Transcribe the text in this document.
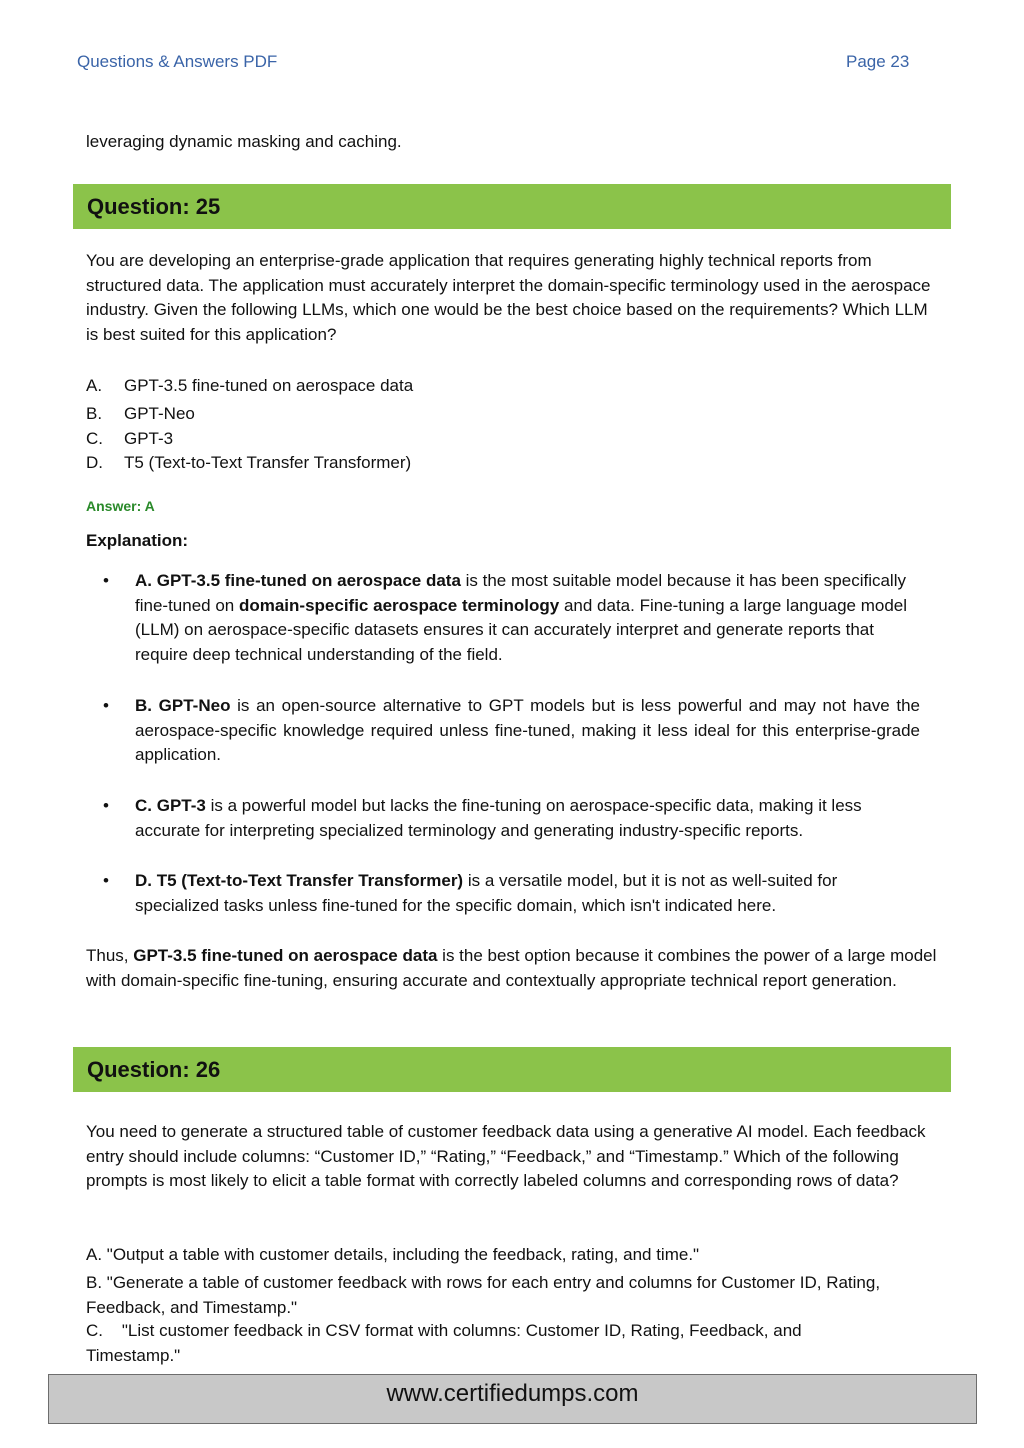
Questions & Answers PDF	Page 23
leveraging dynamic masking and caching.
Question: 25
You are developing an enterprise-grade application that requires generating highly technical reports from structured data. The application must accurately interpret the domain-specific terminology used in the aerospace industry. Given the following LLMs, which one would be the best choice based on the requirements? Which LLM is best suited for this application?
A. GPT-3.5 fine-tuned on aerospace data
B. GPT-Neo
C. GPT-3
D. T5 (Text-to-Text Transfer Transformer)
Answer: A
Explanation:
• A. GPT-3.5 fine-tuned on aerospace data is the most suitable model because it has been specifically fine-tuned on domain-specific aerospace terminology and data. Fine-tuning a large language model (LLM) on aerospace-specific datasets ensures it can accurately interpret and generate reports that require deep technical understanding of the field.
• B. GPT-Neo is an open-source alternative to GPT models but is less powerful and may not have the aerospace-specific knowledge required unless fine-tuned, making it less ideal for this enterprise-grade application.
• C. GPT-3 is a powerful model but lacks the fine-tuning on aerospace-specific data, making it less accurate for interpreting specialized terminology and generating industry-specific reports.
• D. T5 (Text-to-Text Transfer Transformer) is a versatile model, but it is not as well-suited for specialized tasks unless fine-tuned for the specific domain, which isn't indicated here.
Thus, GPT-3.5 fine-tuned on aerospace data is the best option because it combines the power of a large model with domain-specific fine-tuning, ensuring accurate and contextually appropriate technical report generation.
Question: 26
You need to generate a structured table of customer feedback data using a generative AI model. Each feedback entry should include columns: “Customer ID,” “Rating,” “Feedback,” and “Timestamp.” Which of the following prompts is most likely to elicit a table format with correctly labeled columns and corresponding rows of data?
A. "Output a table with customer details, including the feedback, rating, and time."
B. "Generate a table of customer feedback with rows for each entry and columns for Customer ID, Rating, Feedback, and Timestamp."
C.    "List customer feedback in CSV format with columns: Customer ID, Rating, Feedback, and Timestamp."
www.certifiedumps.com
